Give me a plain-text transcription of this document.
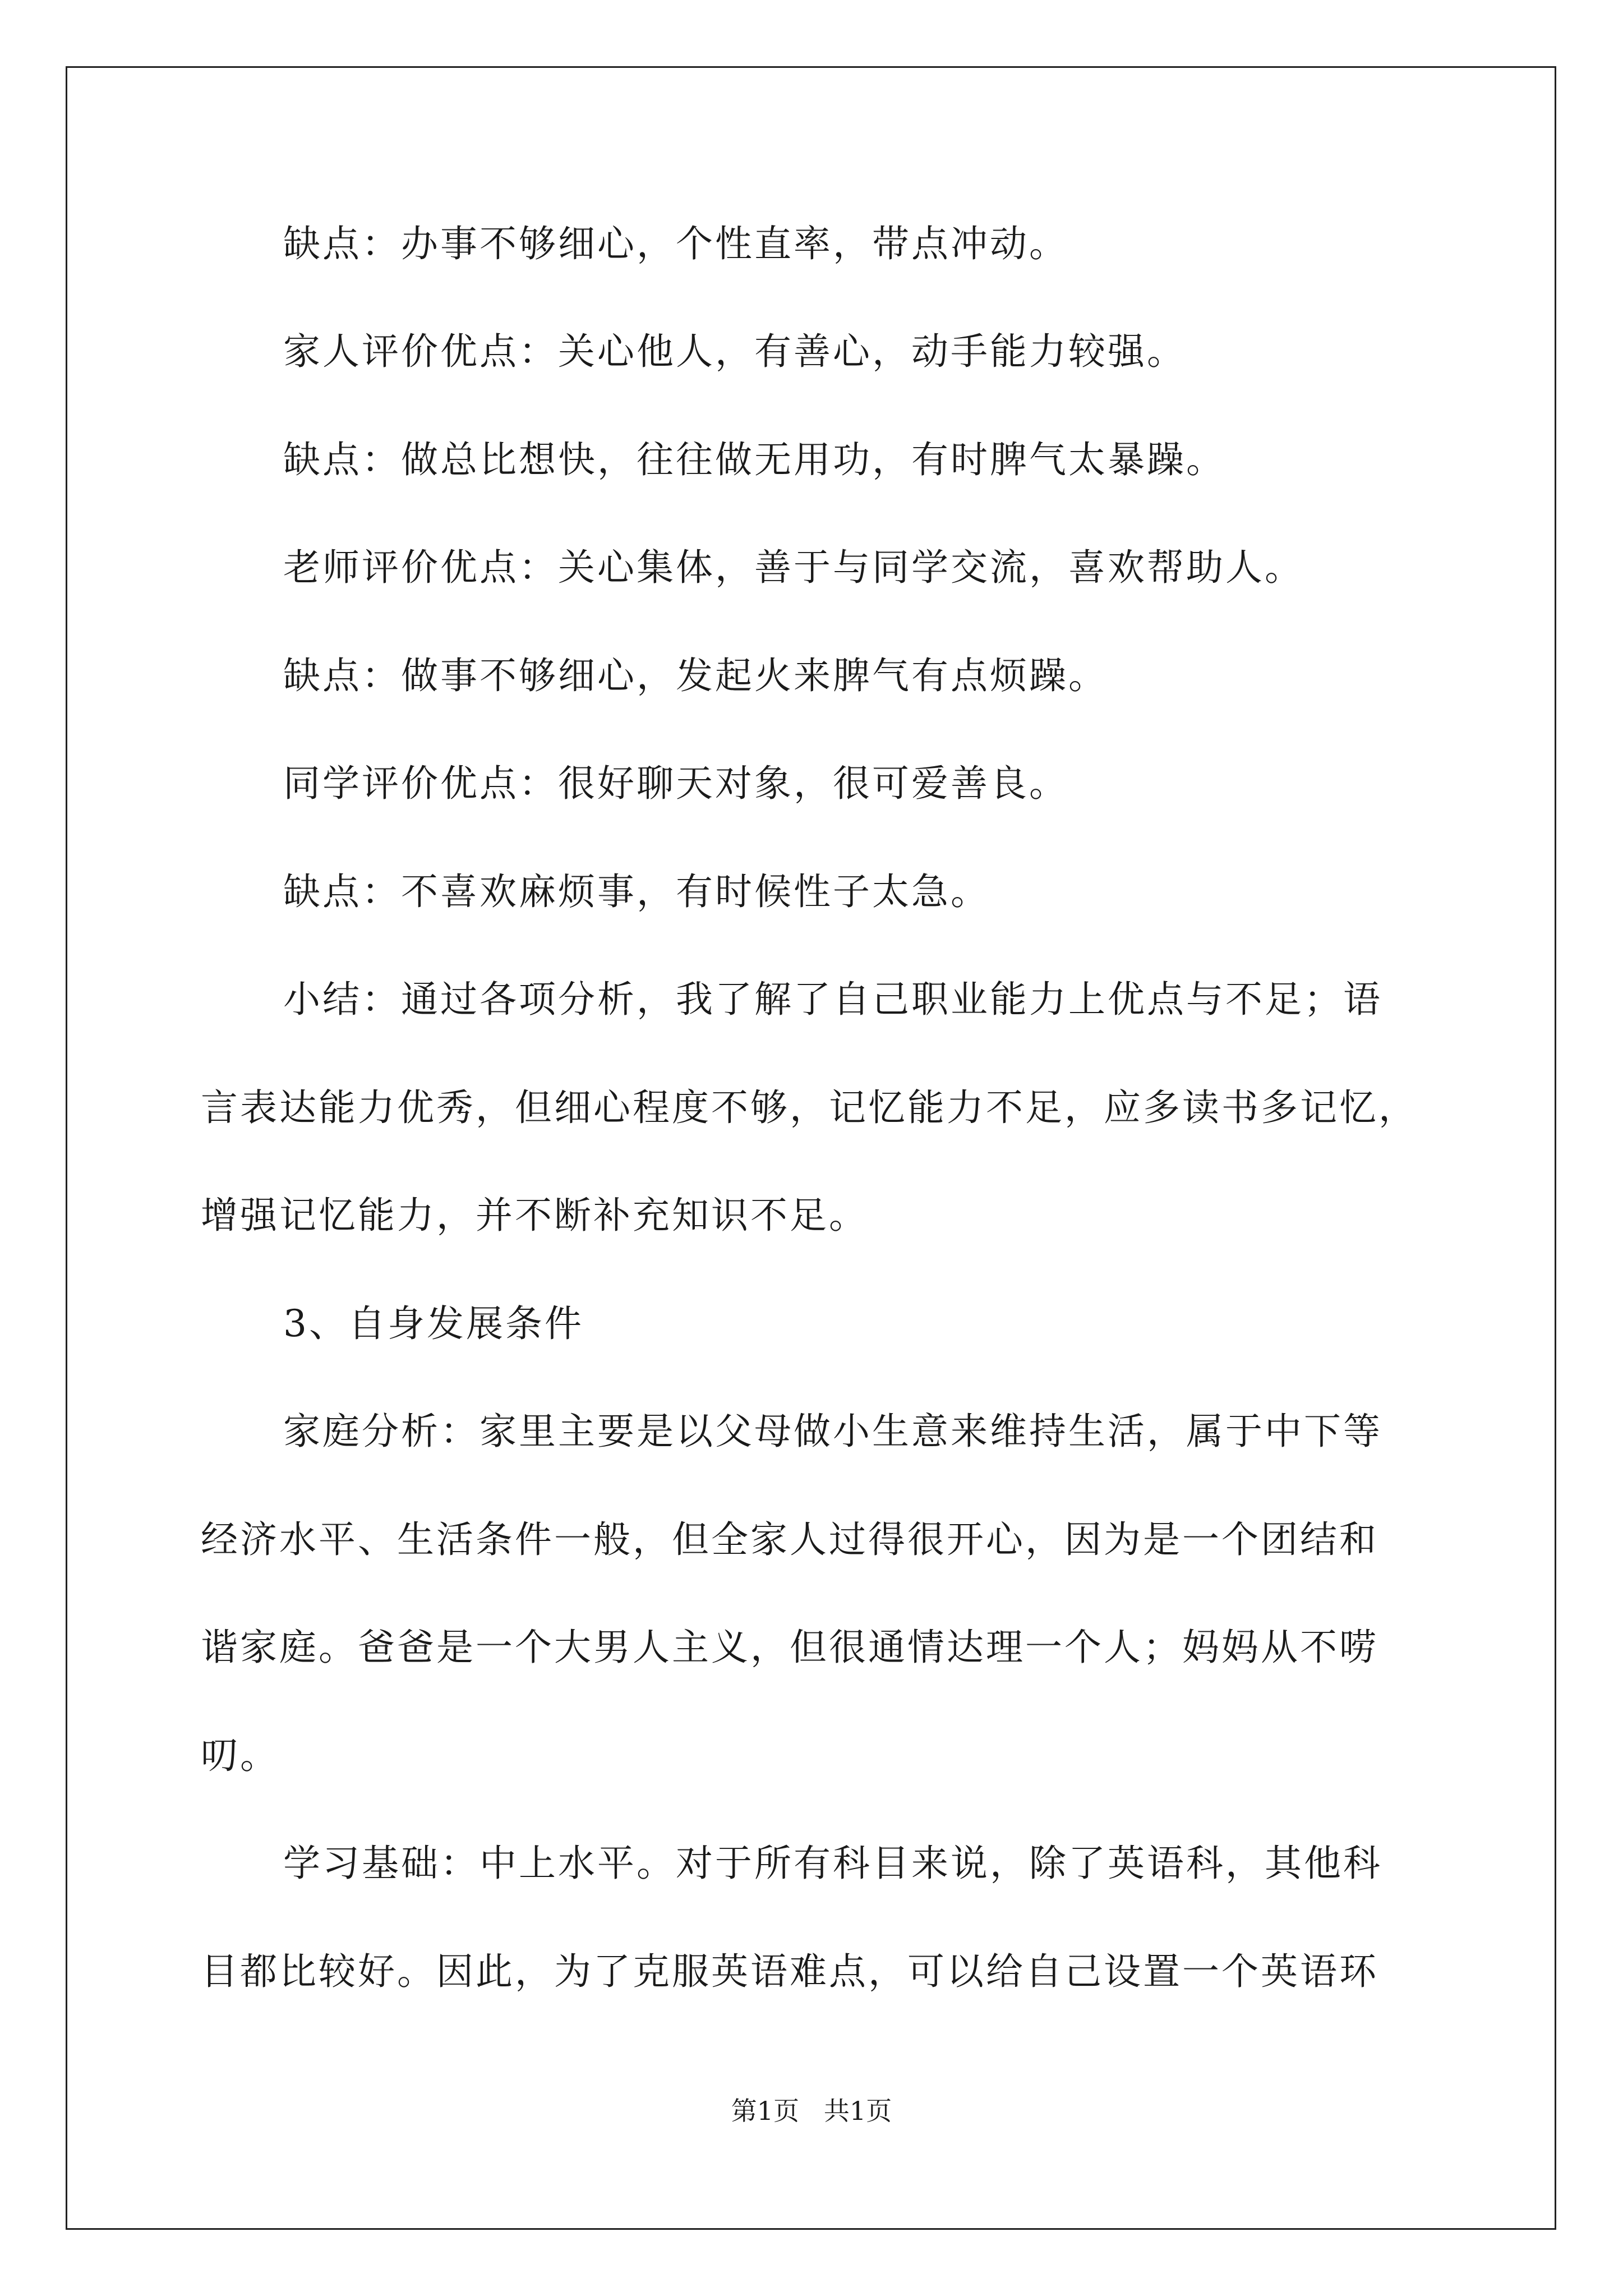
缺点：办事不够细心，个性直率，带点冲动。
家人评价优点：关心他人，有善心，动手能力较强。
缺点：做总比想快，往往做无用功，有时脾气太暴躁。
老师评价优点：关心集体，善于与同学交流，喜欢帮助人。
缺点：做事不够细心，发起火来脾气有点烦躁。
同学评价优点：很好聊天对象，很可爱善良。
缺点：不喜欢麻烦事，有时候性子太急。
小结：通过各项分析，我了解了自己职业能力上优点与不足；语
言表达能力优秀，但细心程度不够，记忆能力不足，应多读书多记忆，
增强记忆能力，并不断补充知识不足。
3、自身发展条件
家庭分析：家里主要是以父母做小生意来维持生活，属于中下等
经济水平、生活条件一般，但全家人过得很开心，因为是一个团结和
谐家庭。爸爸是一个大男人主义，但很通情达理一个人；妈妈从不唠
叨。
学习基础：中上水平。对于所有科目来说，除了英语科，其他科
目都比较好。因此，为了克服英语难点，可以给自己设置一个英语环
第1页   共1页
